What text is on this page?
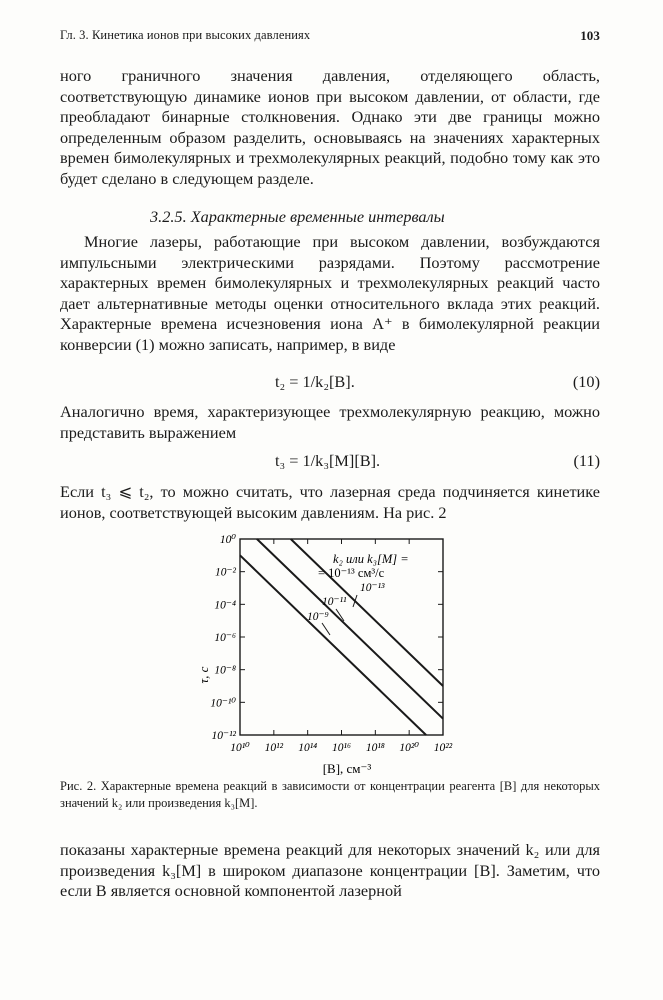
Гл. 3. Кинетика ионов при высоких давлениях	103
ного граничного значения давления, отделяющего область, соответствующую динамике ионов при высоком давлении, от области, где преобладают бинарные столкновения. Однако эти две границы можно определенным образом разделить, основываясь на значениях характерных времен бимолекулярных и трехмолекулярных реакций, подобно тому как это будет сделано в следующем разделе.
3.2.5. Характерные временные интервалы
Многие лазеры, работающие при высоком давлении, возбуждаются импульсными электрическими разрядами. Поэтому рассмотрение характерных времен бимолекулярных и трехмолекулярных реакций часто дает альтернативные методы оценки относительного вклада этих реакций. Характерные времена исчезновения иона A⁺ в бимолекулярной реакции конверсии (1) можно записать, например, в виде
t₂ = 1/k₂[B].	(10)
Аналогично время, характеризующее трехмолекулярную реакцию, можно представить выражением
t₃ = 1/k₃[M][B].	(11)
Если t₃ ⩽ t₂, то можно считать, что лазерная среда подчиняется кинетике ионов, соответствующей высоким давлениям. На рис. 2
10¹⁰ 10¹² 10¹⁴ 10¹⁶ 10¹⁸ 10²⁰ 10²²
10⁰
10⁻²
10⁻⁴
10⁻⁶
10⁻⁸
10⁻¹⁰
10⁻¹²
10⁻⁹
10⁻¹¹
10⁻¹³
k₂ или k₃[M] =
= 10⁻¹³ см³/с
τ, с
[B], см⁻³
Рис. 2. Характерные времена реакций в зависимости от концентрации реагента [B] для некоторых значений k₂ или произведения k₃[M].
показаны характерные времена реакций для некоторых значений k₂ или для произведения k₃[M] в широком диапазоне концентрации [B]. Заметим, что если B является основной компонентой лазерной
